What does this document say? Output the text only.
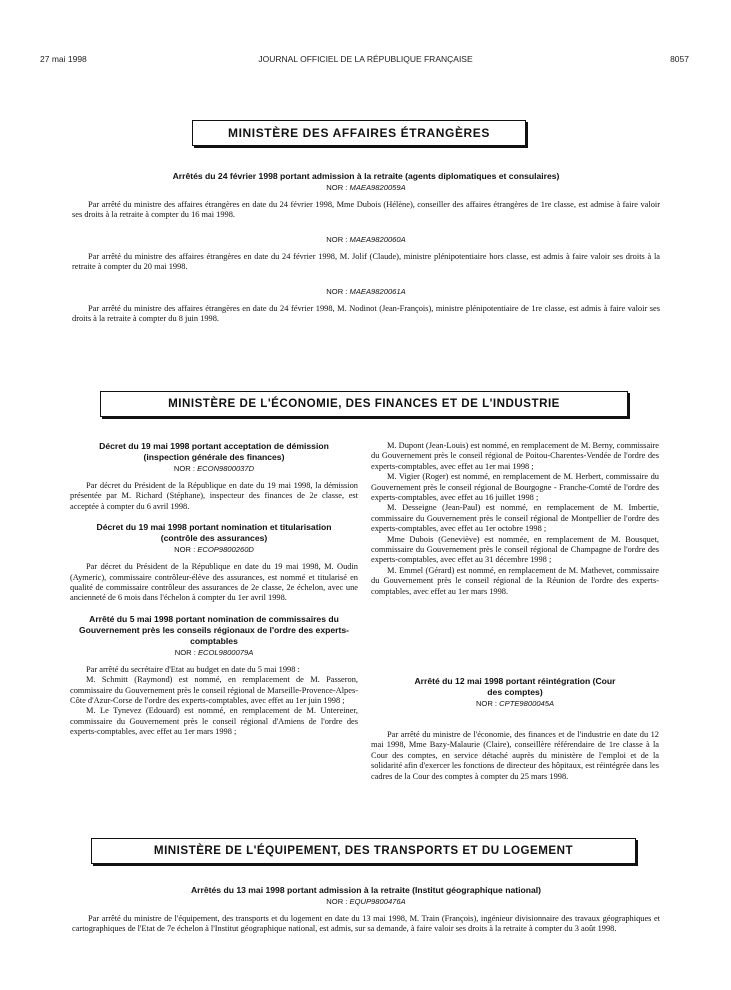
27 mai 1998	JOURNAL OFFICIEL DE LA RÉPUBLIQUE FRANÇAISE	8057
MINISTÈRE DES AFFAIRES ÉTRANGÈRES
Arrêtés du 24 février 1998 portant admission à la retraite (agents diplomatiques et consulaires)
NOR : MAEA9820059A

Par arrêté du ministre des affaires étrangères en date du 24 février 1998, Mme Dubois (Hélène), conseiller des affaires étrangères de 1re classe, est admise à faire valoir ses droits à la retraite à compter du 16 mai 1998.

NOR : MAEA9820060A

Par arrêté du ministre des affaires étrangères en date du 24 février 1998, M. Jolif (Claude), ministre plénipotentiaire hors classe, est admis à faire valoir ses droits à la retraite à compter du 20 mai 1998.

NOR : MAEA9820061A

Par arrêté du ministre des affaires étrangères en date du 24 février 1998, M. Nodinot (Jean-François), ministre plénipotentiaire de 1re classe, est admis à faire valoir ses droits à la retraite à compter du 8 juin 1998.

MINISTÈRE DE L'ÉCONOMIE, DES FINANCES ET DE L'INDUSTRIE
Décret du 19 mai 1998 portant acceptation de démission (inspection générale des finances)
NOR : ECON9800037D

Par décret du Président de la République en date du 19 mai 1998, la démission présentée par M. Richard (Stéphane), inspecteur des finances de 2e classe, est acceptée à compter du 6 avril 1998.

Décret du 19 mai 1998 portant nomination et titularisation (contrôle des assurances)
NOR : ECOP9800260D

Par décret du Président de la République en date du 19 mai 1998, M. Oudin (Aymeric), commissaire contrôleur-élève des assurances, est nommé et titularisé en qualité de commissaire contrôleur des assurances de 2e classe, 2e échelon, avec une ancienneté de 6 mois dans l'échelon à compter du 1er avril 1998.

Arrêté du 5 mai 1998 portant nomination de commissaires du Gouvernement près les conseils régionaux de l'ordre des experts-comptables
NOR : ECOL9800079A

Par arrêté du secrétaire d'Etat au budget en date du 5 mai 1998 :

M. Schmitt (Raymond) est nommé, en remplacement de M. Passeron, commissaire du Gouvernement près le conseil régional de Marseille-Provence-Alpes-Côte d'Azur-Corse de l'ordre des experts-comptables, avec effet au 1er juin 1998 ;

M. Le Tynevez (Edouard) est nommé, en remplacement de M. Untereiner, commissaire du Gouvernement près le conseil régional d'Amiens de l'ordre des experts-comptables, avec effet au 1er mars 1998 ;

M. Dupont (Jean-Louis) est nommé, en remplacement de M. Berny, commissaire du Gouvernement près le conseil régional de Poitou-Charentes-Vendée de l'ordre des experts-comptables, avec effet au 1er mai 1998 ;

M. Vigier (Roger) est nommé, en remplacement de M. Herbert, commissaire du Gouvernement près le conseil régional de Bourgogne - Franche-Comté de l'ordre des experts-comptables, avec effet au 16 juillet 1998 ;

M. Desseigne (Jean-Paul) est nommé, en remplacement de M. Imbertie, commissaire du Gouvernement près le conseil régional de Montpellier de l'ordre des experts-comptables, avec effet au 1er octobre 1998 ;

Mme Dubois (Geneviève) est nommée, en remplacement de M. Bousquet, commissaire du Gouvernement près le conseil régional de Champagne de l'ordre des experts-comptables, avec effet au 31 décembre 1998 ;

M. Emmel (Gérard) est nommé, en remplacement de M. Mathevet, commissaire du Gouvernement près le conseil régional de la Réunion de l'ordre des experts-comptables, avec effet au 1er mars 1998.

Arrêté du 12 mai 1998 portant réintégration (Cour des comptes)
NOR : CPTE9800045A

Par arrêté du ministre de l'économie, des finances et de l'industrie en date du 12 mai 1998, Mme Bazy-Malaurie (Claire), conseillère référendaire de 1re classe à la Cour des comptes, en service détaché auprès du ministère de l'emploi et de la solidarité afin d'exercer les fonctions de directeur des hôpitaux, est réintégrée dans les cadres de la Cour des comptes à compter du 25 mars 1998.

MINISTÈRE DE L'ÉQUIPEMENT, DES TRANSPORTS ET DU LOGEMENT
Arrêtés du 13 mai 1998 portant admission à la retraite (Institut géographique national)
NOR : EQUP9800476A

Par arrêté du ministre de l'équipement, des transports et du logement en date du 13 mai 1998, M. Train (François), ingénieur divisionnaire des travaux géographiques et cartographiques de l'Etat de 7e échelon à l'Institut géographique national, est admis, sur sa demande, à faire valoir ses droits à la retraite à compter du 3 août 1998.
